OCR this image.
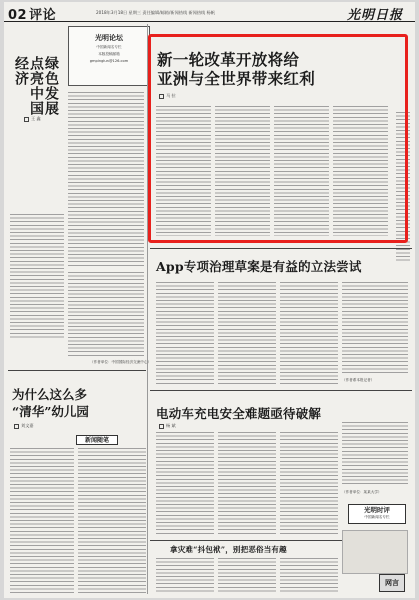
02 评论	2018年3月18日 星期三 责任编辑/邮箱/新闻热线 新闻热线 杨帆	光明日报
绿色发展
点亮中国
经济
王 鑫
光明论坛
中国新闻名专栏
本版投稿邮箱
gmpinglun@126.com
（作者单位：中国国际经济交流中心）
为什么这么多
“清华”幼儿园
刘文嘉
新闻随笔
新一轮改革开放将给
亚洲与全世界带来红利
马 拉
App专项治理草案是有益的立法尝试
（作者系本报记者）
电动车充电安全难题亟待破解
杨 斌
（作者单位：某某大学）
光明时评
中国新闻名专栏
拿灾难“抖包袱”，别把恶俗当有趣
网言
